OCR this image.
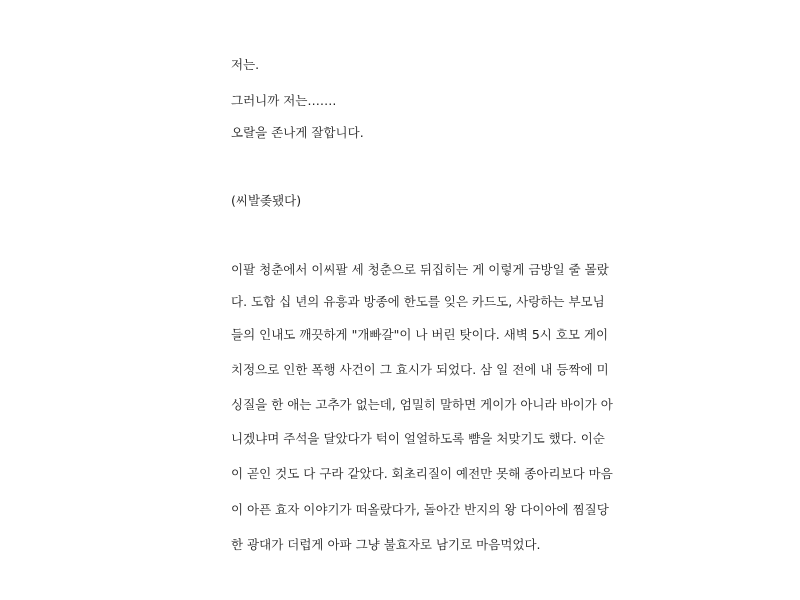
저는.
그러니까 저는…….
오랄을 존나게 잘합니다.
(씨발좆됐다)
이팔 청춘에서 이씨팔 세 청춘으로 뒤집히는 게 이렇게 금방일 줄 몰랐
다. 도합 십 년의 유흥과 방종에 한도를 잊은 카드도, 사랑하는 부모님
들의 인내도 깨끗하게 "개빠갈"이 나 버린 탓이다. 새벽 5시 호모 게이
치정으로 인한 폭행 사건이 그 효시가 되었다. 삼 일 전에 내 등짝에 미
싱질을 한 애는 고추가 없는데, 엄밀히 말하면 게이가 아니라 바이가 아
니겠냐며 주석을 달았다가 턱이 얼얼하도록 뺨을 처맞기도 했다. 이순
이 곧인 것도 다 구라 같았다. 회초리질이 예전만 못해 종아리보다 마음
이 아픈 효자 이야기가 떠올랐다가, 돌아간 반지의 왕 다이아에 찜질당
한 광대가 더럽게 아파 그냥 불효자로 남기로 마음먹었다.
